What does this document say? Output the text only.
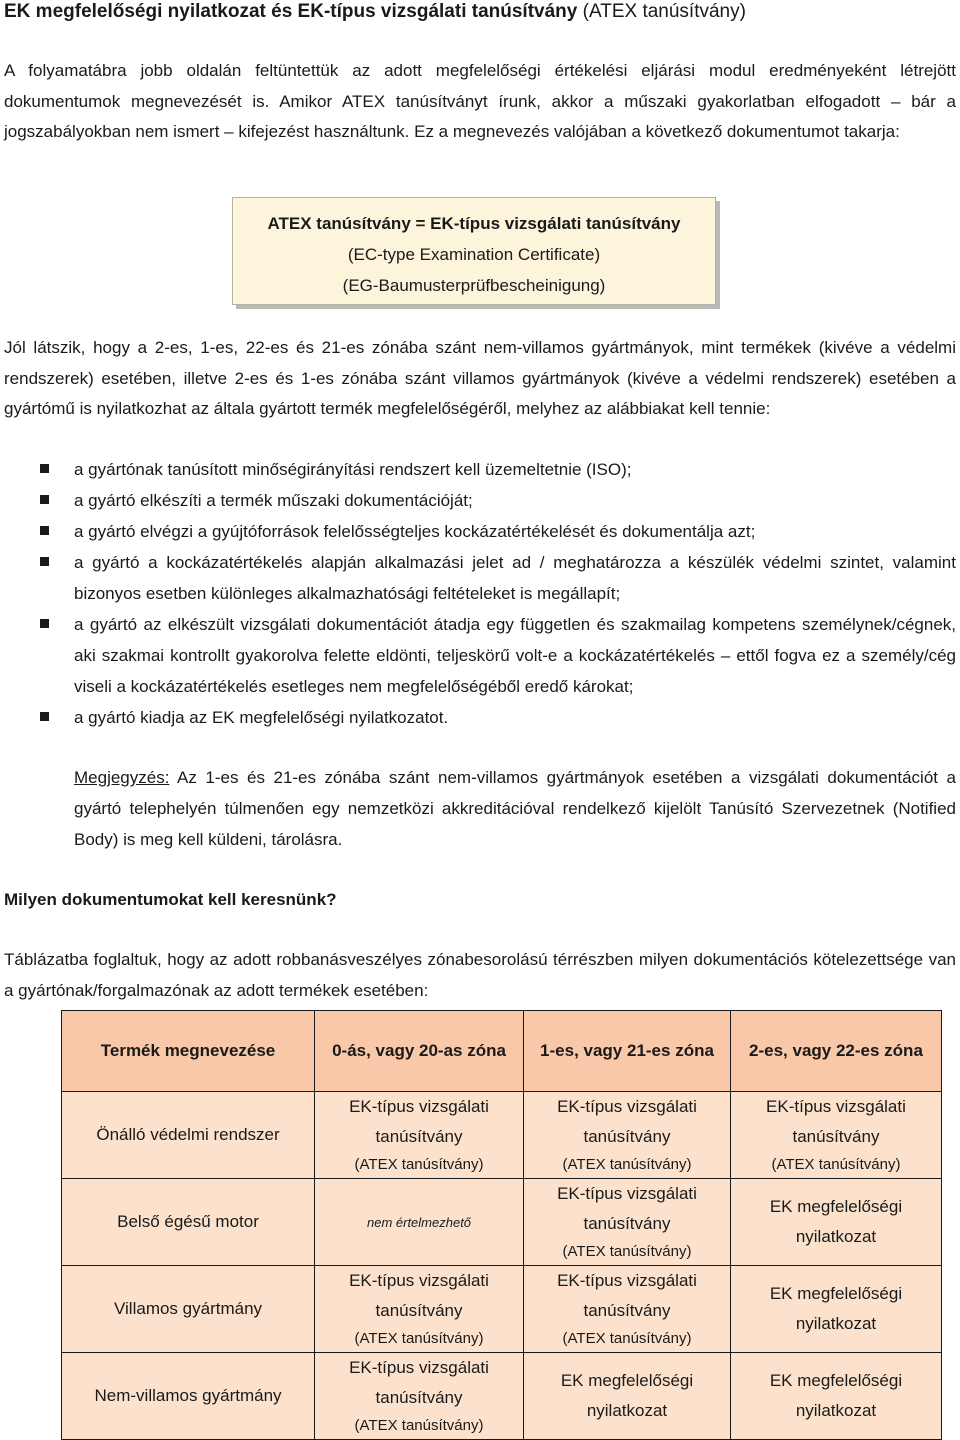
EK megfelelőségi nyilatkozat és EK-típus vizsgálati tanúsítvány (ATEX tanúsítvány)

A folyamatábra jobb oldalán feltüntettük az adott megfelelőségi értékelési eljárási modul eredményeként létrejött dokumentumok megnevezését is. Amikor ATEX tanúsítványt írunk, akkor a műszaki gyakorlatban elfogadott – bár a jogszabályokban nem ismert – kifejezést használtunk. Ez a megnevezés valójában a következő dokumentumot takarja:

ATEX tanúsítvány = EK-típus vizsgálati tanúsítvány
(EC-type Examination Certificate)
(EG-Baumusterprüfbescheinigung)

Jól látszik, hogy a 2-es, 1-es, 22-es és 21-es zónába szánt nem-villamos gyártmányok, mint termékek (kivéve a védelmi rendszerek) esetében, illetve 2-es és 1-es zónába szánt villamos gyártmányok (kivéve a védelmi rendszerek) esetében a gyártómű is nyilatkozhat az általa gyártott termék megfelelőségéről, melyhez az alábbiakat kell tennie:

a gyártónak tanúsított minőségirányítási rendszert kell üzemeltetnie (ISO);
a gyártó elkészíti a termék műszaki dokumentációját;
a gyártó elvégzi a gyújtóforrások felelősségteljes kockázatértékelését és dokumentálja azt;
a gyártó a kockázatértékelés alapján alkalmazási jelet ad / meghatározza a készülék védelmi szintet, valamint bizonyos esetben különleges alkalmazhatósági feltételeket is megállapít;
a gyártó az elkészült vizsgálati dokumentációt átadja egy független és szakmailag kompetens személynek/cégnek, aki szakmai kontrollt gyakorolva felette eldönti, teljeskörű volt-e a kockázatértékelés – ettől fogva ez a személy/cég viseli a kockázatértékelés esetleges nem megfelelőségéből eredő károkat;
a gyártó kiadja az EK megfelelőségi nyilatkozatot.
Megjegyzés: Az 1-es és 21-es zónába szánt nem-villamos gyártmányok esetében a vizsgálati dokumentációt a gyártó telephelyén túlmenően egy nemzetközi akkreditációval rendelkező kijelölt Tanúsító Szervezetnek (Notified Body) is meg kell küldeni, tárolásra.
Milyen dokumentumokat kell keresnünk?

Táblázatba foglaltuk, hogy az adott robbanásveszélyes zónabesorolású térrészben milyen dokumentációs kötelezettsége van a gyártónak/forgalmazónak az adott termékek esetében:

Termék megnevezése	0-ás, vagy 20-as zóna	1-es, vagy 21-es zóna	2-es, vagy 22-es zóna
Önálló védelmi rendszer	EK-típus vizsgálati
tanúsítvány
(ATEX tanúsítvány)	EK-típus vizsgálati
tanúsítvány
(ATEX tanúsítvány)	EK-típus vizsgálati
tanúsítvány
(ATEX tanúsítvány)

Belső égésű motor	nem értelmezhető	EK-típus vizsgálati
tanúsítvány
(ATEX tanúsítvány)	EK megfelelőségi
nyilatkozat

Villamos gyártmány	EK-típus vizsgálati
tanúsítvány
(ATEX tanúsítvány)	EK-típus vizsgálati
tanúsítvány
(ATEX tanúsítvány)	EK megfelelőségi
nyilatkozat

Nem-villamos gyártmány	EK-típus vizsgálati
tanúsítvány
(ATEX tanúsítvány)	EK megfelelőségi
nyilatkozat	EK megfelelőségi
nyilatkozat
